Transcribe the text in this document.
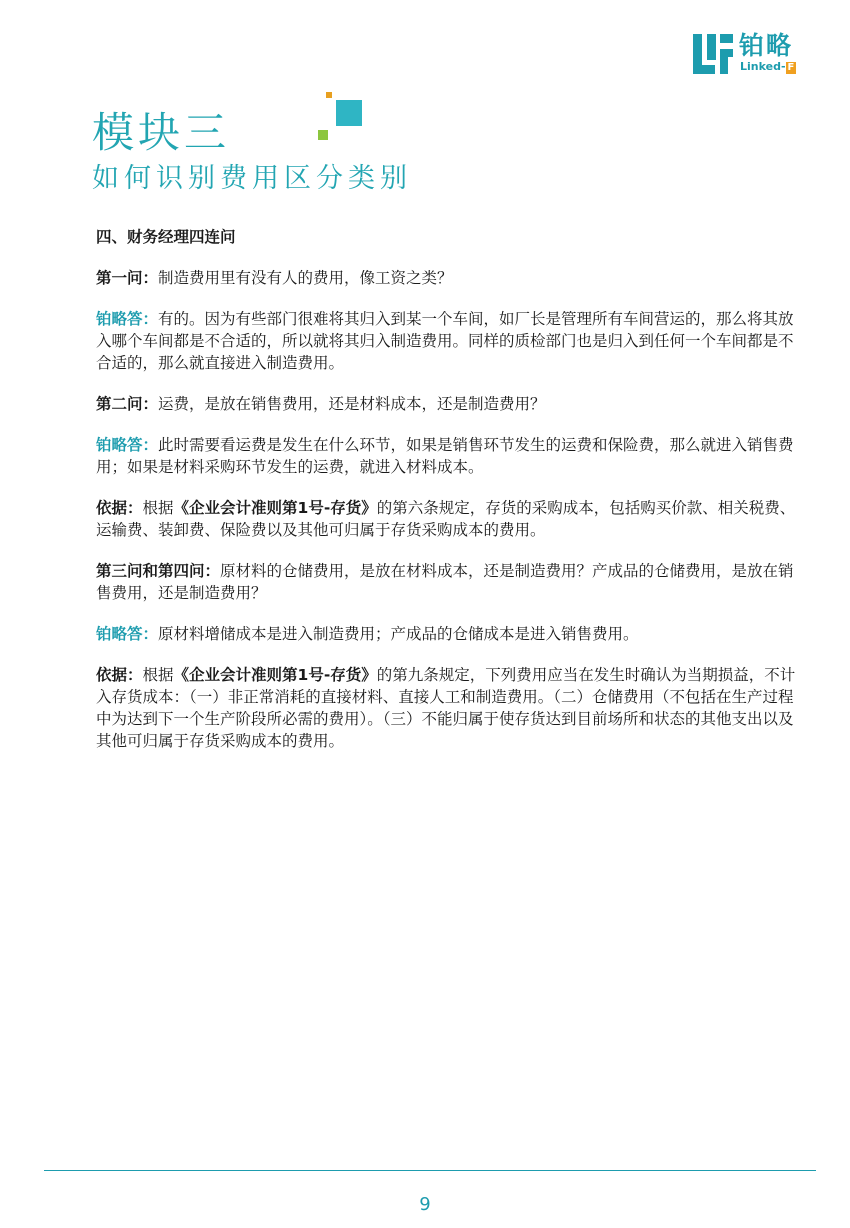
铂略
Linked- F
模块三
如何识别费用区分类别

四、财务经理四连问

第一问：制造费用里有没有人的费用，像工资之类？

铂略答：有的。因为有些部门很难将其归入到某一个车间，如厂长是管理所有车间营运的，那么将其放入哪个车间都是不合适的，所以就将其归入制造费用。同样的质检部门也是归入到任何一个车间都是不合适的，那么就直接进入制造费用。

第二问：运费，是放在销售费用，还是材料成本，还是制造费用？

铂略答：此时需要看运费是发生在什么环节，如果是销售环节发生的运费和保险费，那么就进入销售费用；如果是材料采购环节发生的运费，就进入材料成本。

依据：根据《企业会计准则第1号-存货》的第六条规定，存货的采购成本，包括购买价款、相关税费、运输费、装卸费、保险费以及其他可归属于存货采购成本的费用。

第三问和第四问：原材料的仓储费用，是放在材料成本，还是制造费用？产成品的仓储费用，是放在销售费用，还是制造费用？

铂略答：原材料增储成本是进入制造费用；产成品的仓储成本是进入销售费用。

依据：根据《企业会计准则第1号-存货》的第九条规定，下列费用应当在发生时确认为当期损益，不计入存货成本：（一）非正常消耗的直接材料、直接人工和制造费用。（二）仓储费用（不包括在生产过程中为达到下一个生产阶段所必需的费用）。（三）不能归属于使存货达到目前场所和状态的其他支出以及其他可归属于存货采购成本的费用。

9
